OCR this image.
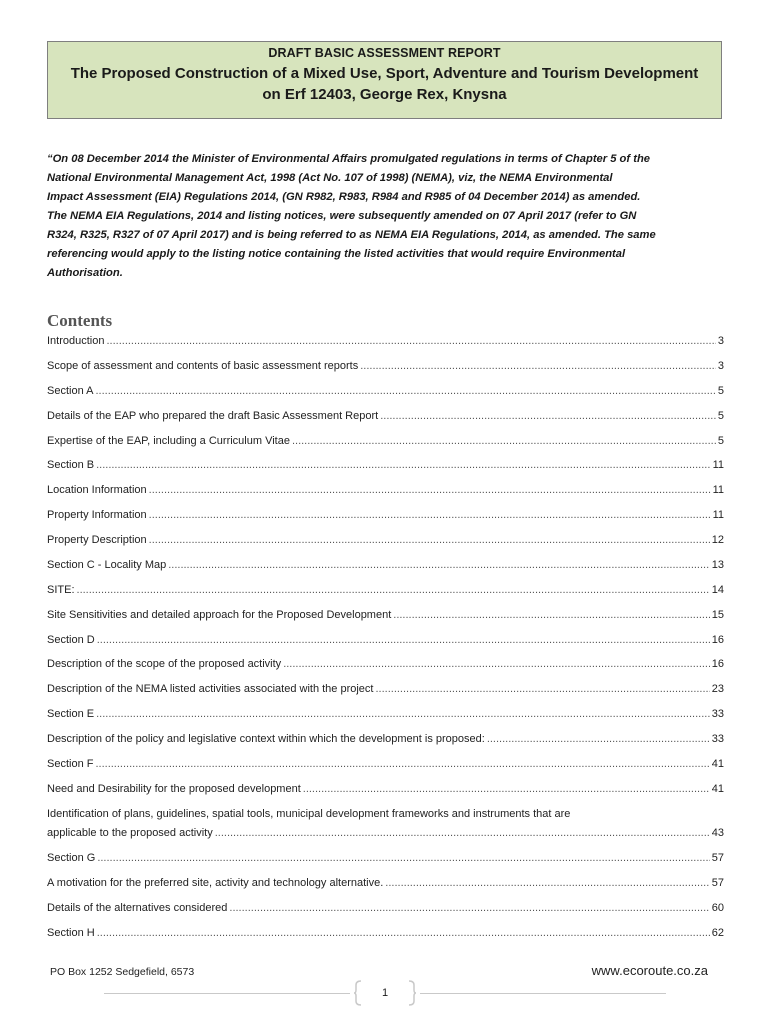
DRAFT BASIC ASSESSMENT REPORT
The Proposed Construction of a Mixed Use, Sport, Adventure and Tourism Development
on Erf 12403, George Rex, Knysna

“On 08 December 2014 the Minister of Environmental Affairs promulgated regulations in terms of Chapter 5 of the

National Environmental Management Act, 1998 (Act No. 107 of 1998) (NEMA), viz, the NEMA Environmental

Impact Assessment (EIA) Regulations 2014, (GN R982, R983, R984 and R985 of 04 December 2014) as amended.

The NEMA EIA Regulations, 2014 and listing notices, were subsequently amended on 07 April 2017 (refer to GN

R324, R325, R327 of 07 April 2017) and is being referred to as NEMA EIA Regulations, 2014, as amended. The same

referencing would apply to the listing notice containing the listed activities that would require Environmental

Authorisation.

Contents
Introduction .....	3
Scope of assessment and contents of basic assessment reports .....	3
Section A .....	5
Details of the EAP who prepared the draft Basic Assessment Report .....	5
Expertise of the EAP, including a Curriculum Vitae .....	5
Section B .....	11
Location Information .....	11
Property Information .....	11
Property Description .....	12
Section C - Locality Map .....	13
SITE: .....	14
Site Sensitivities and detailed approach for the Proposed Development .....	15
Section D .....	16
Description of the scope of the proposed activity .....	16
Description of the NEMA listed activities associated with the project .....	23
Section E .....	33
Description of the policy and legislative context within which the development is proposed: .....	33
Section F .....	41
Need and Desirability for the proposed development .....	41
Identification of plans, guidelines, spatial tools, municipal development frameworks and instruments that are
applicable to the proposed activity .....	43
Section G .....	57
A motivation for the preferred site, activity and technology alternative. .....	57
Details of the alternatives considered .....	60
Section H .....	62
PO Box 1252 Sedgefield, 6573	www.ecoroute.co.za
1
